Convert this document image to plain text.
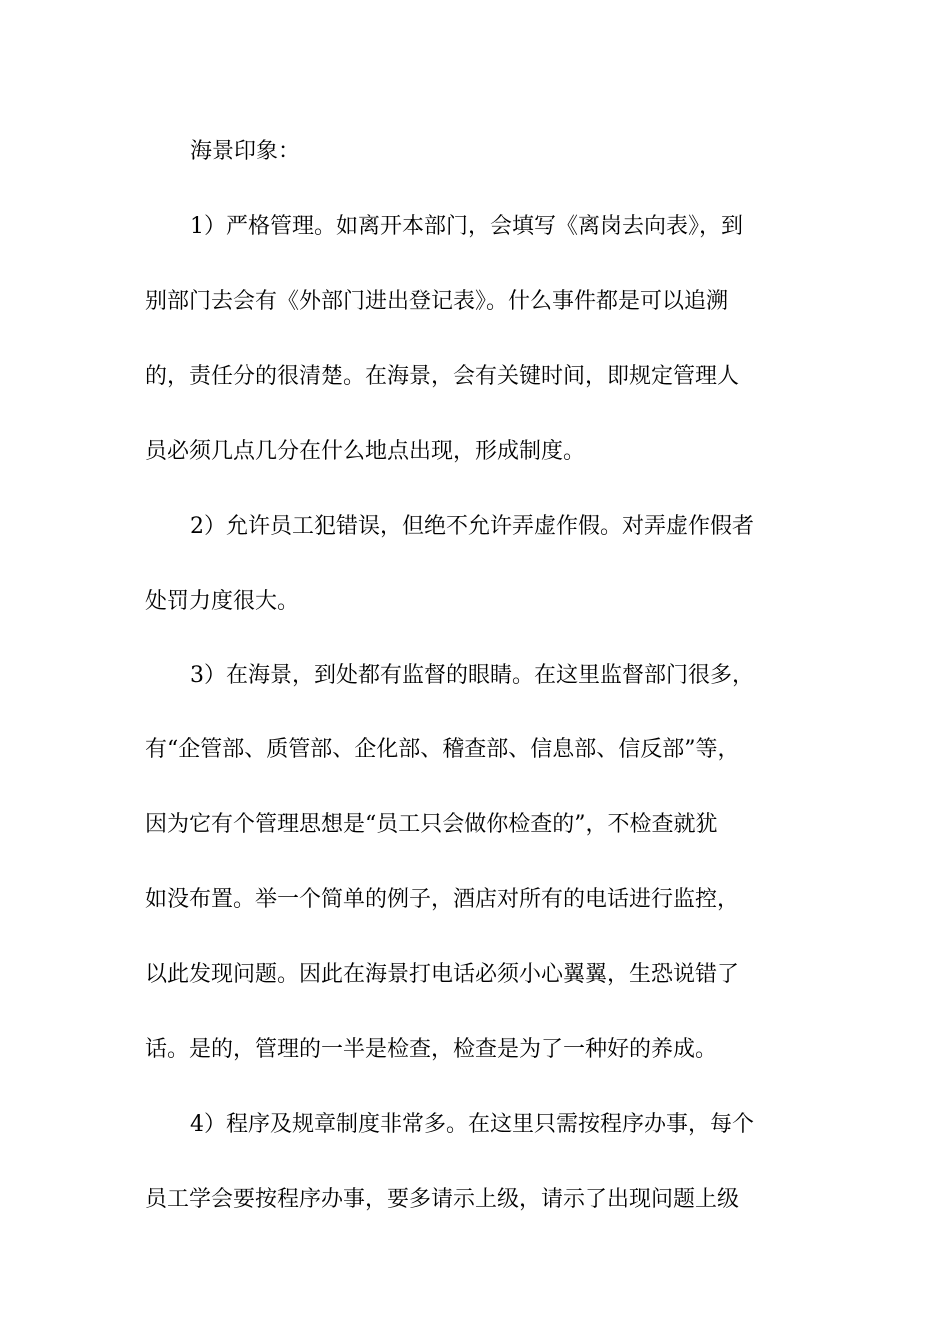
海景印象：
1）严格管理。如离开本部门，会填写《离岗去向表》，到
别部门去会有《外部门进出登记表》。什么事件都是可以追溯
的，责任分的很清楚。在海景，会有关键时间，即规定管理人
员必须几点几分在什么地点出现，形成制度。
2）允许员工犯错误，但绝不允许弄虚作假。对弄虚作假者
处罚力度很大。
3）在海景，到处都有监督的眼睛。在这里监督部门很多，
有“企管部、质管部、企化部、稽查部、信息部、信反部”等，
因为它有个管理思想是“员工只会做你检查的”，不检查就犹
如没布置。举一个简单的例子，酒店对所有的电话进行监控，
以此发现问题。因此在海景打电话必须小心翼翼，生恐说错了
话。是的，管理的一半是检查，检查是为了一种好的养成。
4）程序及规章制度非常多。在这里只需按程序办事，每个
员工学会要按程序办事，要多请示上级，请示了出现问题上级
